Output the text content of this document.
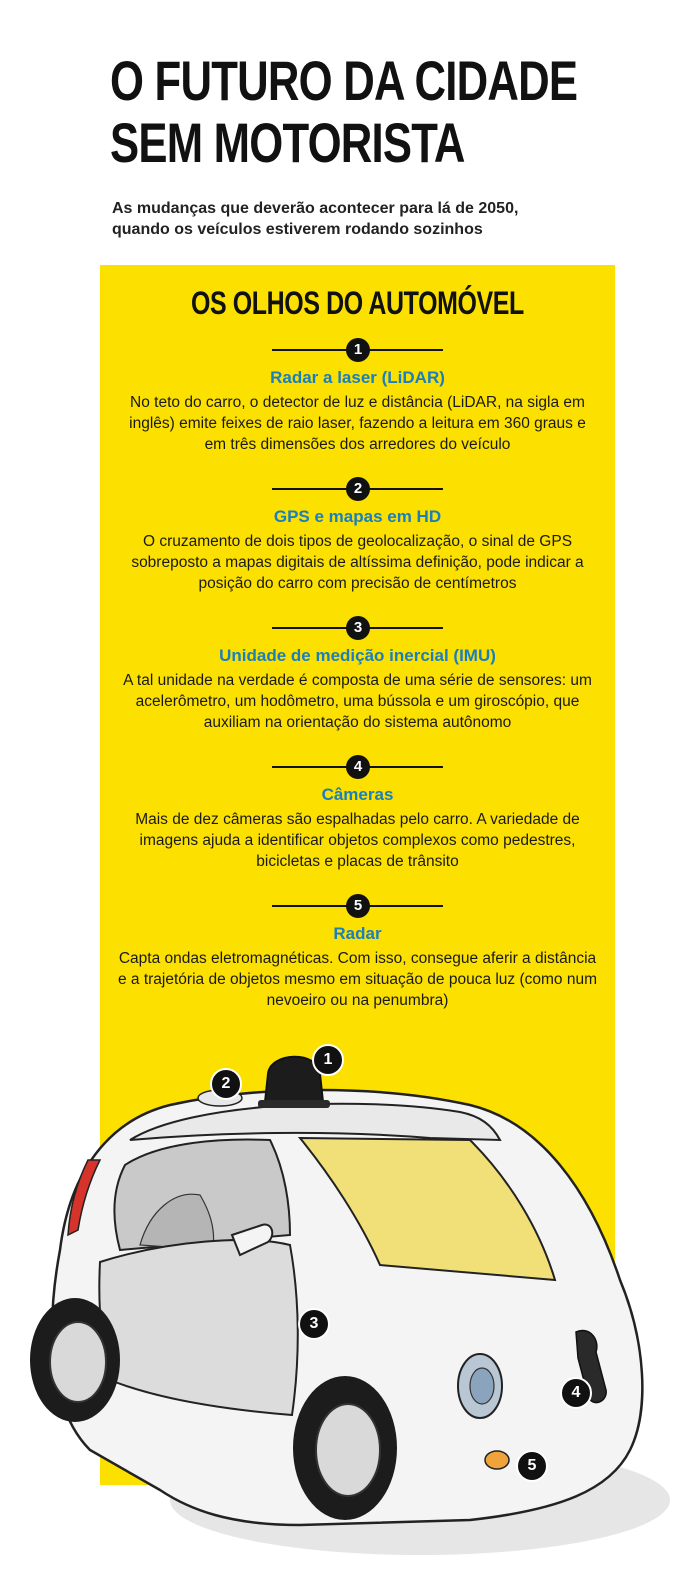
O FUTURO DA CIDADE
SEM MOTORISTA
As mudanças que deverão acontecer para lá de 2050,
quando os veículos estiverem rodando sozinhos
OS OLHOS DO AUTOMÓVEL
1
Radar a laser (LiDAR)
No teto do carro, o detector de luz e distância (LiDAR, na sigla em inglês) emite feixes de raio laser, fazendo a leitura em 360 graus e em três dimensões dos arredores do veículo
2
GPS e mapas em HD
O cruzamento de dois tipos de geolocalização, o sinal de GPS sobreposto a mapas digitais de altíssima definição, pode indicar a posição do carro com precisão de centímetros
3
Unidade de medição inercial (IMU)
A tal unidade na verdade é composta de uma série de sensores: um acelerômetro, um hodômetro, uma bússola e um giroscópio, que auxiliam na orientação do sistema autônomo
4
Câmeras
Mais de dez câmeras são espalhadas pelo carro. A variedade de imagens ajuda a identificar objetos complexos como pedestres, bicicletas e placas de trânsito
5
Radar
Capta ondas eletromagnéticas. Com isso, consegue aferir a distância e a trajetória de objetos mesmo em situação de pouca luz (como num nevoeiro ou na penumbra)
1
2
3
4
5
